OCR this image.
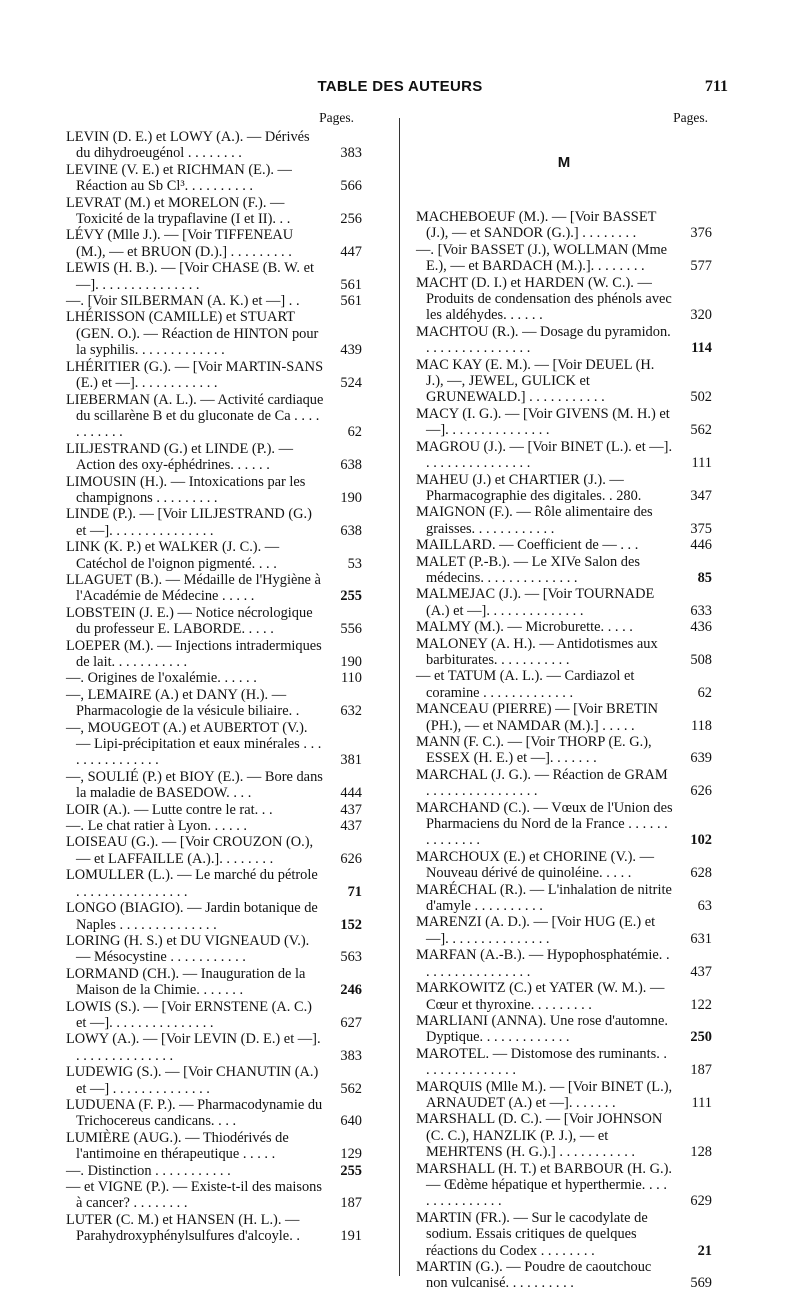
TABLE DES AUTEURS	711
Pages.

LEVIN (D. E.) et LOWY (A.). — Dérivés du dihydroeugénol . . . . . . . .	383

LEVINE (V. E.) et RICHMAN (E.). — Réaction au Sb Cl³. . . . . . . . . .	566

LEVRAT (M.) et MORELON (F.). — Toxicité de la trypaflavine (I et II). . .	256

LÉVY (Mlle J.). — [Voir TIFFENEAU (M.), — et BRUON (D.).] . . . . . . . . .	447

LEWIS (H. B.). — [Voir CHASE (B. W. et —]. . . . . . . . . . . . . . .	561

—. [Voir SILBERMAN (A. K.) et —] . .	561

LHÉRISSON (CAMILLE) et STUART (GEN. O.). — Réaction de HINTON pour la syphilis. . . . . . . . . . . . .	439

LHÉRITIER (G.). — [Voir MARTIN-SANS (E.) et —]. . . . . . . . . . . .	524

LIEBERMAN (A. L.). — Activité cardiaque du scillarène B et du gluconate de Ca . . . . . . . . . . .	62

LILJESTRAND (G.) et LINDE (P.). — Action des oxy-éphédrines. . . . . .	638

LIMOUSIN (H.). — Intoxications par les champignons . . . . . . . . .	190

LINDE (P.). — [Voir LILJESTRAND (G.) et —]. . . . . . . . . . . . . . .	638

LINK (K. P.) et WALKER (J. C.). — Catéchol de l'oignon pigmenté. . . .	53

LLAGUET (B.). — Médaille de l'Hygiène à l'Académie de Médecine . . . . .	255

LOBSTEIN (J. E.) — Notice nécrologique du professeur E. LABORDE. . . . .	556

LOEPER (M.). — Injections intradermiques de lait. . . . . . . . . . .	190

—. Origines de l'oxalémie. . . . . .	110

—, LEMAIRE (A.) et DANY (H.). — Pharmacologie de la vésicule biliaire. .	632

—, MOUGEOT (A.) et AUBERTOT (V.). — Lipi-précipitation et eaux minérales . . . . . . . . . . . . . . .	381

—, SOULIÉ (P.) et BIOY (E.). — Bore dans la maladie de BASEDOW. . . .	444

LOIR (A.). — Lutte contre le rat. . .	437

—. Le chat ratier à Lyon. . . . . .	437

LOISEAU (G.). — [Voir CROUZON (O.), — et LAFFAILLE (A.).]. . . . . . . .	626

LOMULLER (L.). — Le marché du pétrole . . . . . . . . . . . . . . . .	71

LONGO (BIAGIO). — Jardin botanique de Naples . . . . . . . . . . . . . .	152

LORING (H. S.) et DU VIGNEAUD (V.). — Mésocystine . . . . . . . . . . .	563

LORMAND (CH.). — Inauguration de la Maison de la Chimie. . . . . . .	246

LOWIS (S.). — [Voir ERNSTENE (A. C.) et —]. . . . . . . . . . . . . . .	627

LOWY (A.). — [Voir LEVIN (D. E.) et —]. . . . . . . . . . . . . . .	383

LUDEWIG (S.). — [Voir CHANUTIN (A.) et —] . . . . . . . . . . . . . .	562

LUDUENA (F. P.). — Pharmacodynamie du Trichocereus candicans. . . .	640

LUMIÈRE (AUG.). — Thiodérivés de l'antimoine en thérapeutique . . . . .	129

—. Distinction . . . . . . . . . . .	255

— et VIGNE (P.). — Existe-t-il des maisons à cancer? . . . . . . . .	187

LUTER (C. M.) et HANSEN (H. L.). — Parahydroxyphénylsulfures d'alcoyle. .	191

Pages.
M

MACHEBOEUF (M.). — [Voir BASSET (J.), — et SANDOR (G.).] . . . . . . . .	376

—. [Voir BASSET (J.), WOLLMAN (Mme E.), — et BARDACH (M.).]. . . . . . . .	577

MACHT (D. I.) et HARDEN (W. C.). — Produits de condensation des phénols avec les aldéhydes. . . . . .	320

MACHTOU (R.). — Dosage du pyramidon. . . . . . . . . . . . . . . .	114

MAC KAY (E. M.). — [Voir DEUEL (H. J.), —, JEWEL, GULICK et GRUNEWALD.] . . . . . . . . . . .	502

MACY (I. G.). — [Voir GIVENS (M. H.) et —]. . . . . . . . . . . . . . .	562

MAGROU (J.). — [Voir BINET (L.). et —]. . . . . . . . . . . . . . . .	111

MAHEU (J.) et CHARTIER (J.). — Pharmacographie des digitales. . 280.	347

MAIGNON (F.). — Rôle alimentaire des graisses. . . . . . . . . . . .	375

MAILLARD. — Coefficient de — . . .	446

MALET (P.-B.). — Le XIVe Salon des médecins. . . . . . . . . . . . . .	85

MALMEJAC (J.). — [Voir TOURNADE (A.) et —]. . . . . . . . . . . . . .	633

MALMY (M.). — Microburette. . . . .	436

MALONEY (A. H.). — Antidotismes aux barbiturates. . . . . . . . . . .	508

— et TATUM (A. L.). — Cardiazol et coramine . . . . . . . . . . . . .	62

MANCEAU (PIERRE) — [Voir BRETIN (PH.), — et NAMDAR (M.).] . . . . .	118

MANN (F. C.). — [Voir THORP (E. G.), ESSEX (H. E.) et —]. . . . . . .	639

MARCHAL (J. G.). — Réaction de GRAM . . . . . . . . . . . . . . . .	626

MARCHAND (C.). — Vœux de l'Union des Pharmaciens du Nord de la France . . . . . . . . . . . . . .	102

MARCHOUX (E.) et CHORINE (V.). — Nouveau dérivé de quinoléine. . . . .	628

MARÉCHAL (R.). — L'inhalation de nitrite d'amyle . . . . . . . . . .	63

MARENZI (A. D.). — [Voir HUG (E.) et —]. . . . . . . . . . . . . . .	631

MARFAN (A.-B.). — Hypophosphatémie. . . . . . . . . . . . . . . . .	437

MARKOWITZ (C.) et YATER (W. M.). — Cœur et thyroxine. . . . . . . . .	122

MARLIANI (ANNA). Une rose d'automne. Dyptique. . . . . . . . . . . . .	250

MAROTEL. — Distomose des ruminants. . . . . . . . . . . . . . .	187

MARQUIS (Mlle M.). — [Voir BINET (L.), ARNAUDET (A.) et —]. . . . . . .	111

MARSHALL (D. C.). — [Voir JOHNSON (C. C.), HANZLIK (P. J.), — et MEHRTENS (H. G.).] . . . . . . . . . . .	128

MARSHALL (H. T.) et BARBOUR (H. G.). — Œdème hépatique et hyperthermie. . . . . . . . . . . . . . .	629

MARTIN (FR.). — Sur le cacodylate de sodium. Essais critiques de quelques réactions du Codex . . . . . . . .	21

MARTIN (G.). — Poudre de caoutchouc non vulcanisé. . . . . . . . . .	569
